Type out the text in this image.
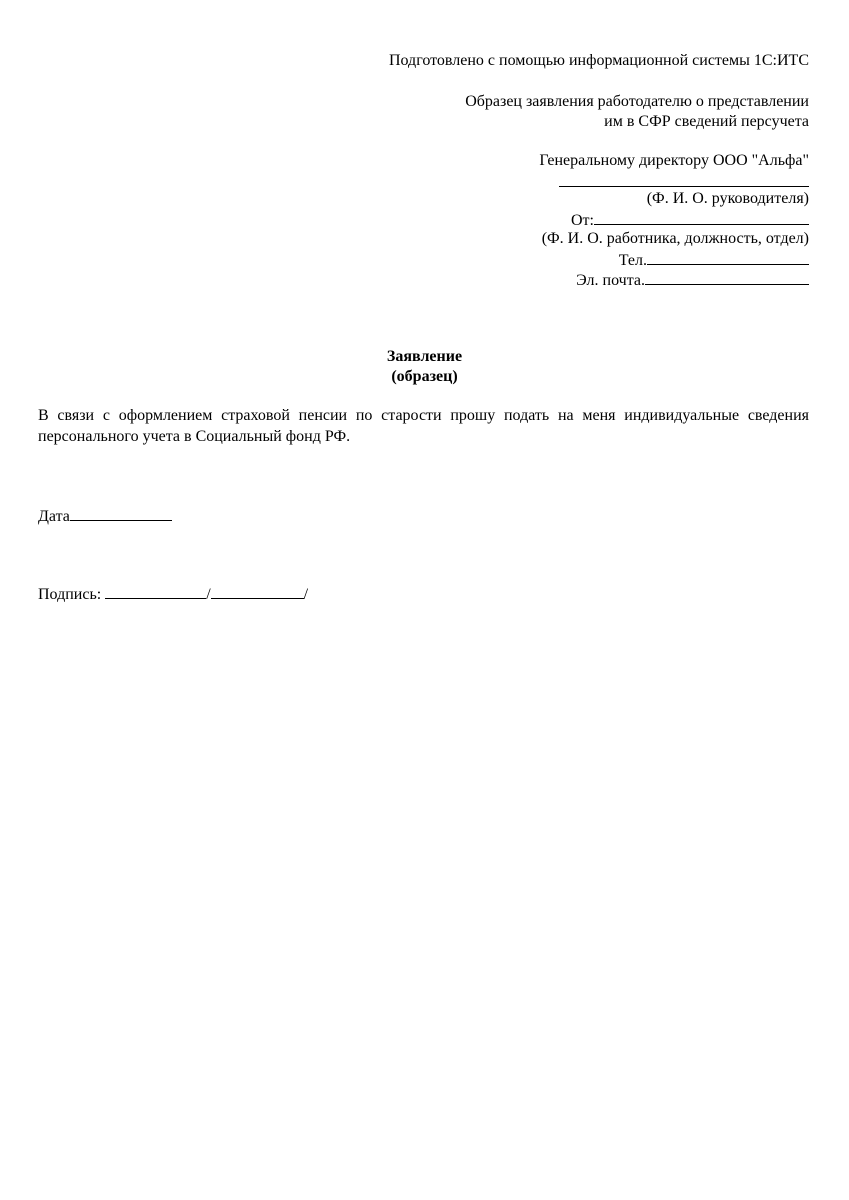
Подготовлено с помощью информационной системы 1С:ИТС
Образец заявления работодателю о представлении
им в СФР сведений персучета
Генеральному директору ООО "Альфа"
(Ф. И. О. руководителя)
От:
(Ф. И. О. работника, должность, отдел)
Тел.
Эл. почта.
Заявление
(образец)
В связи с оформлением страховой пенсии по старости прошу подать на меня индивидуальные сведения персонального учета в Социальный фонд РФ.
Дата
Подпись:	/	/
